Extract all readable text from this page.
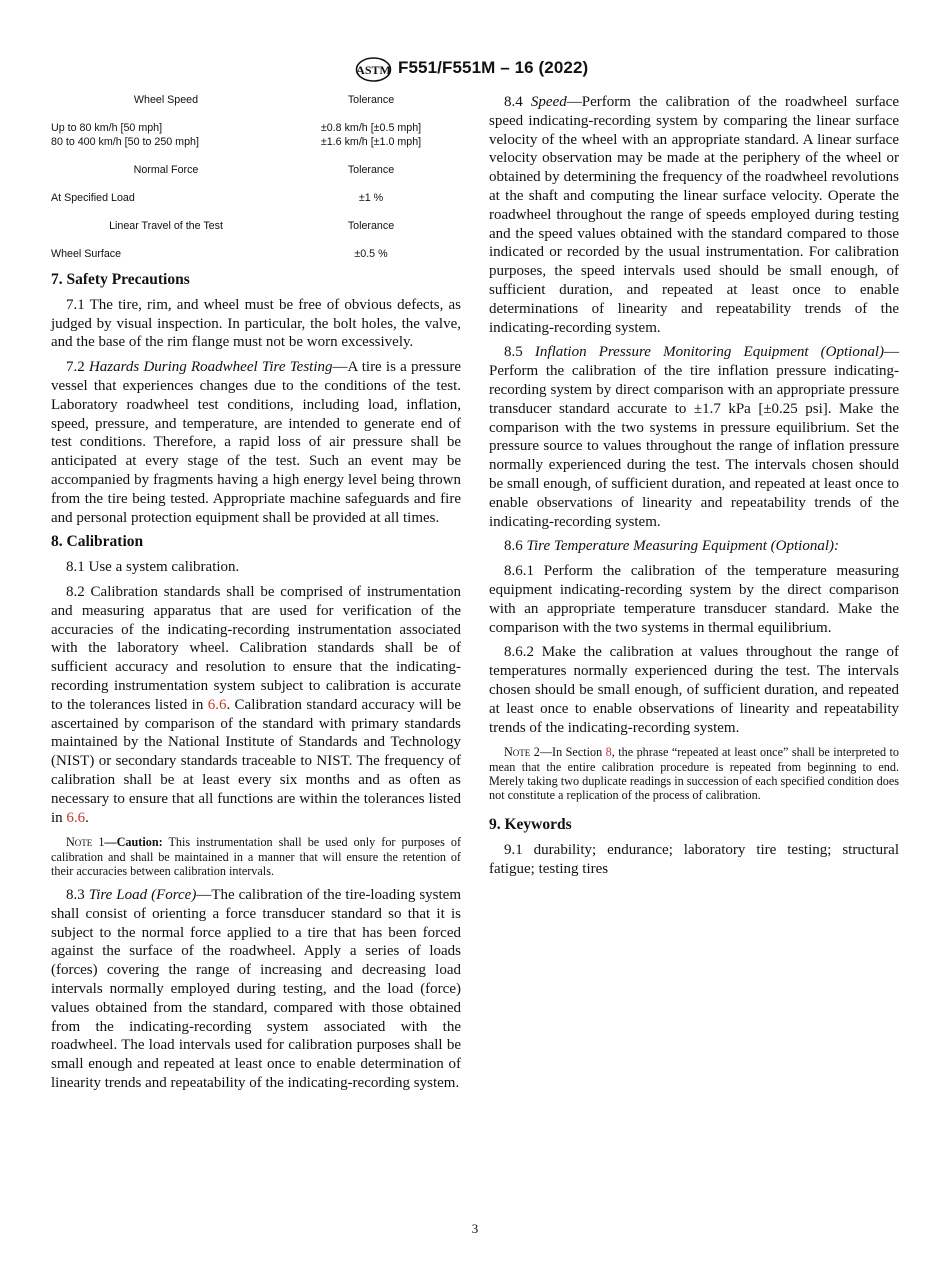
ASTM F551/F551M – 16 (2022)
Wheel Speed	Tolerance
Up to 80 km/h [50 mph]	±0.8 km/h [±0.5 mph]
80 to 400 km/h [50 to 250 mph]	±1.6 km/h [±1.0 mph]
Normal Force	Tolerance
At Specified Load	±1 %
Linear Travel of the Test	Tolerance
Wheel Surface	±0.5 %
7. Safety Precautions

7.1 The tire, rim, and wheel must be free of obvious defects, as judged by visual inspection. In particular, the bolt holes, the valve, and the base of the rim flange must not be worn excessively.

7.2 Hazards During Roadwheel Tire Testing—A tire is a pressure vessel that experiences changes due to the conditions of the test. Laboratory roadwheel test conditions, including load, inflation, speed, pressure, and temperature, are intended to generate end of test conditions. Therefore, a rapid loss of air pressure shall be anticipated at every stage of the test. Such an event may be accompanied by fragments having a high energy level being thrown from the tire being tested. Appropriate machine safeguards and fire and personal protection equipment shall be provided at all times.

8. Calibration

8.1 Use a system calibration.

8.2 Calibration standards shall be comprised of instrumentation and measuring apparatus that are used for verification of the accuracies of the indicating-recording instrumentation associated with the laboratory wheel. Calibration standards shall be of sufficient accuracy and resolution to ensure that the indicating-recording instrumentation system subject to calibration is accurate to the tolerances listed in 6.6. Calibration standard accuracy will be ascertained by comparison of the standard with primary standards maintained by the National Institute of Standards and Technology (NIST) or secondary standards traceable to NIST. The frequency of calibration shall be at least every six months and as often as necessary to ensure that all functions are within the tolerances listed in 6.6.

Note 1—Caution: This instrumentation shall be used only for purposes of calibration and shall be maintained in a manner that will ensure the retention of their accuracies between calibration intervals.

8.3 Tire Load (Force)—The calibration of the tire-loading system shall consist of orienting a force transducer standard so that it is subject to the normal force applied to a tire that has been forced against the surface of the roadwheel. Apply a series of loads (forces) covering the range of increasing and decreasing load intervals normally employed during testing, and the load (force) values obtained from the standard, compared with those obtained from the indicating-recording system associated with the roadwheel. The load intervals used for calibration purposes shall be small enough and repeated at least once to enable determination of linearity trends and repeatability of the indicating-recording system.

8.4 Speed—Perform the calibration of the roadwheel surface speed indicating-recording system by comparing the linear surface velocity of the wheel with an appropriate standard. A linear surface velocity observation may be made at the periphery of the wheel or obtained by determining the frequency of the roadwheel revolutions at the shaft and computing the linear surface velocity. Operate the roadwheel throughout the range of speeds employed during testing and the speed values obtained with the standard compared to those indicated or recorded by the usual instrumentation. For calibration purposes, the speed intervals used should be small enough, of sufficient duration, and repeated at least once to enable determinations of linearity and repeatability trends of the indicating-recording system.

8.5 Inflation Pressure Monitoring Equipment (Optional)—Perform the calibration of the tire inflation pressure indicating-recording system by direct comparison with an appropriate pressure transducer standard accurate to ±1.7 kPa [±0.25 psi]. Make the comparison with the two systems in pressure equilibrium. Set the pressure source to values throughout the range of inflation pressure normally experienced during the test. The intervals chosen should be small enough, of sufficient duration, and repeated at least once to enable observations of linearity and repeatability trends of the indicating-recording system.

8.6 Tire Temperature Measuring Equipment (Optional):

8.6.1 Perform the calibration of the temperature measuring equipment indicating-recording system by the direct comparison with an appropriate temperature transducer standard. Make the comparison with the two systems in thermal equilibrium.

8.6.2 Make the calibration at values throughout the range of temperatures normally experienced during the test. The intervals chosen should be small enough, of sufficient duration, and repeated at least once to enable observations of linearity and repeatability trends of the indicating-recording system.

Note 2—In Section 8, the phrase “repeated at least once” shall be interpreted to mean that the entire calibration procedure is repeated from beginning to end. Merely taking two duplicate readings in succession of each specified condition does not constitute a replication of the process of calibration.
9. Keywords

9.1 durability; endurance; laboratory tire testing; structural fatigue; testing tires

3
